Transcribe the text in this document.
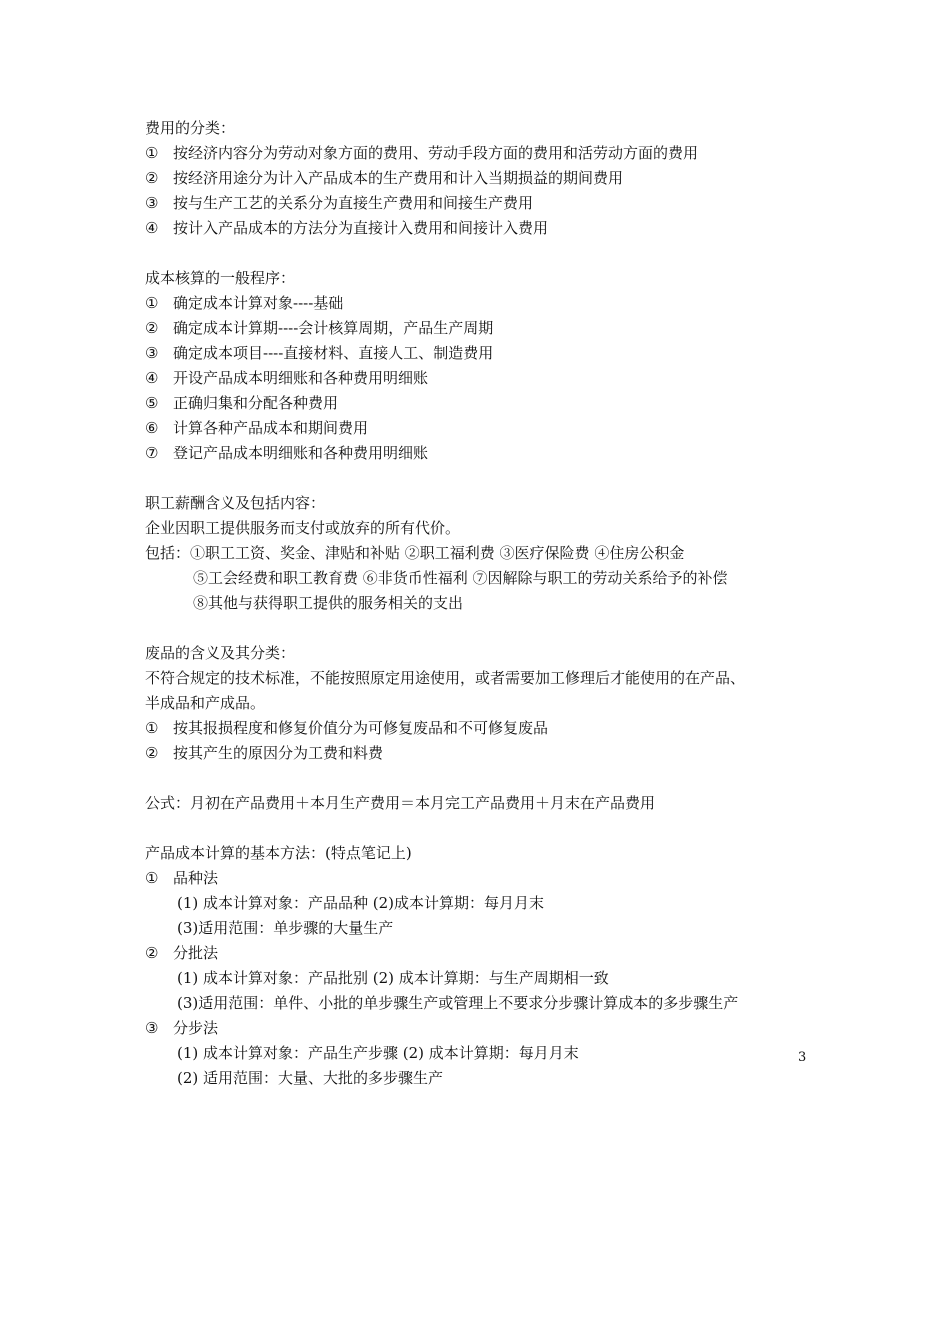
费用的分类：
① 按经济内容分为劳动对象方面的费用、劳动手段方面的费用和活劳动方面的费用
② 按经济用途分为计入产品成本的生产费用和计入当期损益的期间费用
③ 按与生产工艺的关系分为直接生产费用和间接生产费用
④ 按计入产品成本的方法分为直接计入费用和间接计入费用
成本核算的一般程序：
① 确定成本计算对象----基础
② 确定成本计算期----会计核算周期，产品生产周期
③ 确定成本项目----直接材料、直接人工、制造费用
④ 开设产品成本明细账和各种费用明细账
⑤ 正确归集和分配各种费用
⑥ 计算各种产品成本和期间费用
⑦ 登记产品成本明细账和各种费用明细账
职工薪酬含义及包括内容：
企业因职工提供服务而支付或放弃的所有代价。
包括：①职工工资、奖金、津贴和补贴 ②职工福利费 ③医疗保险费 ④住房公积金
⑤工会经费和职工教育费 ⑥非货币性福利 ⑦因解除与职工的劳动关系给予的补偿
⑧其他与获得职工提供的服务相关的支出
废品的含义及其分类：
不符合规定的技术标准，不能按照原定用途使用，或者需要加工修理后才能使用的在产品、
半成品和产成品。
① 按其报损程度和修复价值分为可修复废品和不可修复废品
② 按其产生的原因分为工费和料费
公式：月初在产品费用＋本月生产费用＝本月完工产品费用＋月末在产品费用
产品成本计算的基本方法：(特点笔记上)
① 品种法
(1) 成本计算对象：产品品种 (2)成本计算期：每月月末
(3)适用范围：单步骤的大量生产
② 分批法
(1) 成本计算对象：产品批别 (2) 成本计算期：与生产周期相一致
(3)适用范围：单件、小批的单步骤生产或管理上不要求分步骤计算成本的多步骤生产
③ 分步法
(1) 成本计算对象：产品生产步骤 (2) 成本计算期：每月月末
(2) 适用范围：大量、大批的多步骤生产
3
